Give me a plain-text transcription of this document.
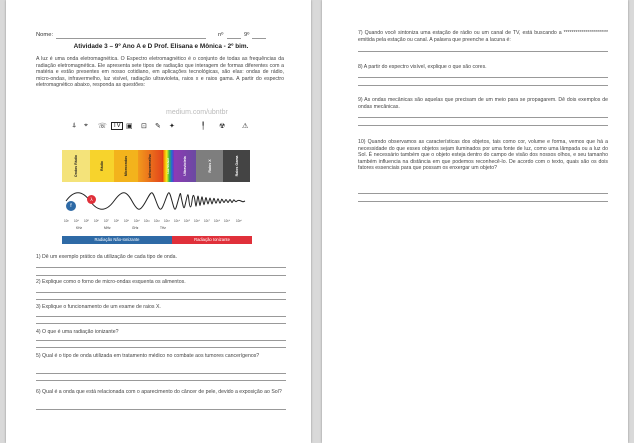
Nome:	nº	9º
Atividade 3 – 9º Ano A e D Prof. Elisana e Mônica - 2º bim.
A luz é uma onda eletromagnética. O Espectro eletromagnético é o conjunto de todas as frequências da radiação eletromagnética. Ele apresenta sete tipos de radiação que interagem de formas diferentes com a matéria e estão presentes em nosso cotidiano, em aplicações tecnológicas, são elas: ondas de rádio, micro-ondas, infravermelho, luz visível, radiação ultravioleta, raios x e raios gama. A partir do espectro eletromagnético abaixo, responda as questões:
medium.com/ubntbr
⍋ ⌖ ☏	TV ▣ ⊡ ✎ ✦	╿ ☢ ⚠
Ondas Rádio	Rádio	Microondas	Infravermelho	Luz Visível	Ultravioleta	Raios X	Raios Gama
f
λ
10³ 10⁴ 10⁵ 10⁶ 10⁷ 10⁸ 10⁹ 10¹⁰ 10¹¹ 10¹² 10¹³ 10¹⁴ 10¹⁵ 10¹⁶ 10¹⁷ 10¹⁸ 10¹⁹ 10²⁰
KHz	MHz	GHz	THz
Radiação Não-Ionizante	Radiação Ionizante
1) Dê um exemplo prático da utilização de cada tipo de onda.
2) Explique como o forno de micro-ondas esquenta os alimentos.
3) Explique o funcionamento de um exame de raios X.
4) O que é uma radiação ionizante?
5) Qual é o tipo de onda utilizada em tratamento médico no combate aos tumores cancerígenos?
6) Qual é a onda que está relacionada com o aparecimento do câncer de pele, devido a exposição ao Sol?
7) Quando você sintoniza uma estação de rádio ou um canal de TV, está buscando a ********************** emitida pela estação ou canal. A palavra que preenche a lacuna é:
8) A partir do espectro visível, explique o que são cores.
9) As ondas mecânicas são aquelas que precisam de um meio para se propagarem. Dê dois exemplos de ondas mecânicas.
10) Quando observamos as características dos objetos, tais como cor, volume e forma, vemos que há a necessidade do que esses objetos sejam iluminados por uma fonte de luz, como uma lâmpada ou a luz do Sol. É necessário também que o objeto esteja dentro do campo de visão dos nossos olhos, e seu tamanho também influencia na distância em que podemos reconhecê-lo. De acordo com o texto, quais são os dois fatores essenciais para que possam os enxergar um objeto?
